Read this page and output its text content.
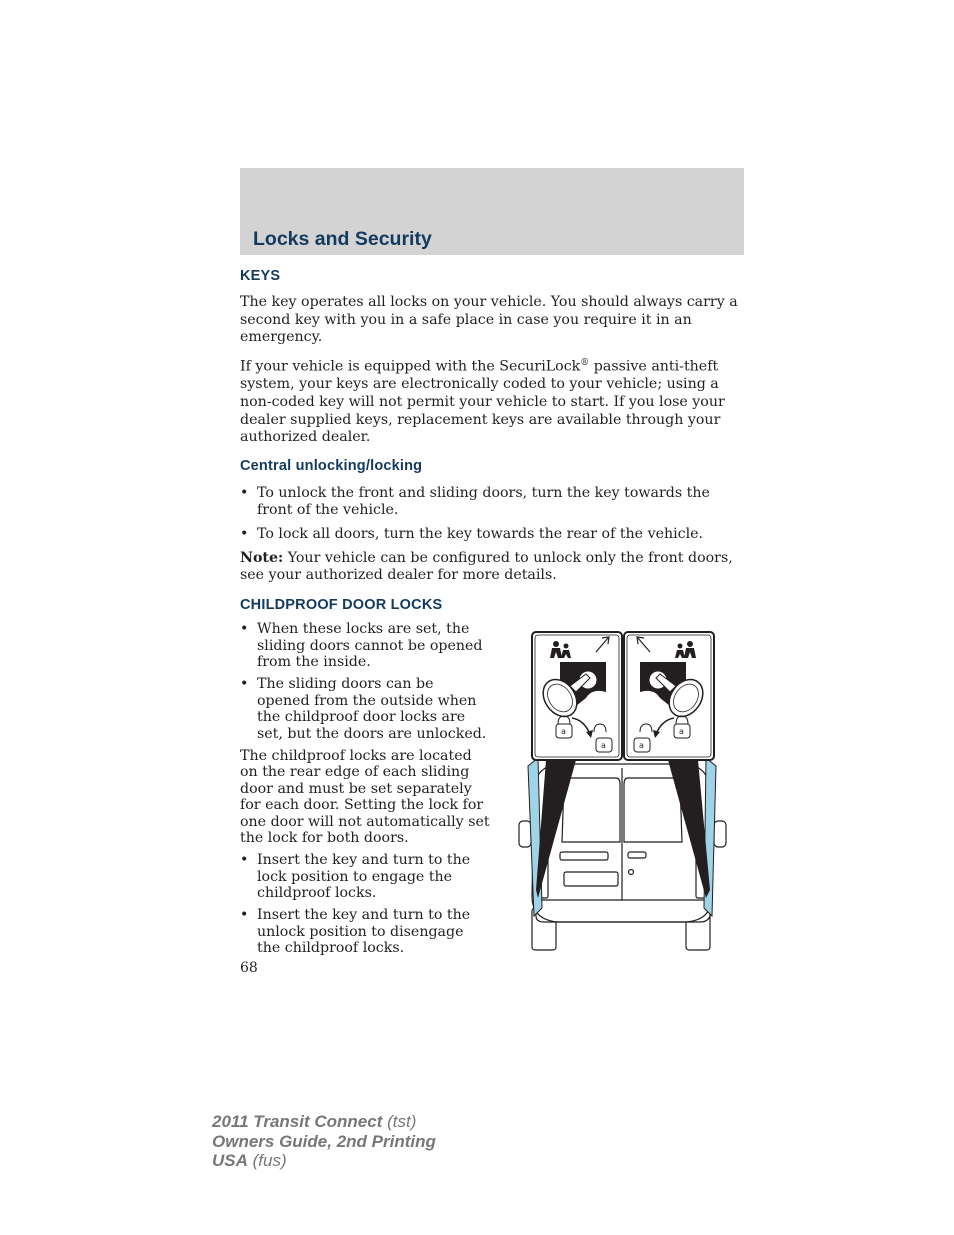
Locks and Security
KEYS

The key operates all locks on your vehicle. You should always carry a second key with you in a safe place in case you require it in an emergency.

If your vehicle is equipped with the SecuriLock® passive anti-theft system, your keys are electronically coded to your vehicle; using a non-coded key will not permit your vehicle to start. If you lose your dealer supplied keys, replacement keys are available through your authorized dealer.

Central unlocking/locking
• To unlock the front and sliding doors, turn the key towards the front of the vehicle.
• To lock all doors, turn the key towards the rear of the vehicle.

Note: Your vehicle can be configured to unlock only the front doors, see your authorized dealer for more details.

CHILDPROOF DOOR LOCKS
• When these locks are set, the sliding doors cannot be opened from the inside.
• The sliding doors can be opened from the outside when the childproof door locks are set, but the doors are unlocked.

The childproof locks are located on the rear edge of each sliding door and must be set separately for each door. Setting the lock for one door will not automatically set the lock for both doors.

• Insert the key and turn to the lock position to engage the childproof locks.
• Insert the key and turn to the unlock position to disengage the childproof locks.
a
a
a
a
68
2011 Transit Connect (tst)
Owners Guide, 2nd Printing
USA (fus)
